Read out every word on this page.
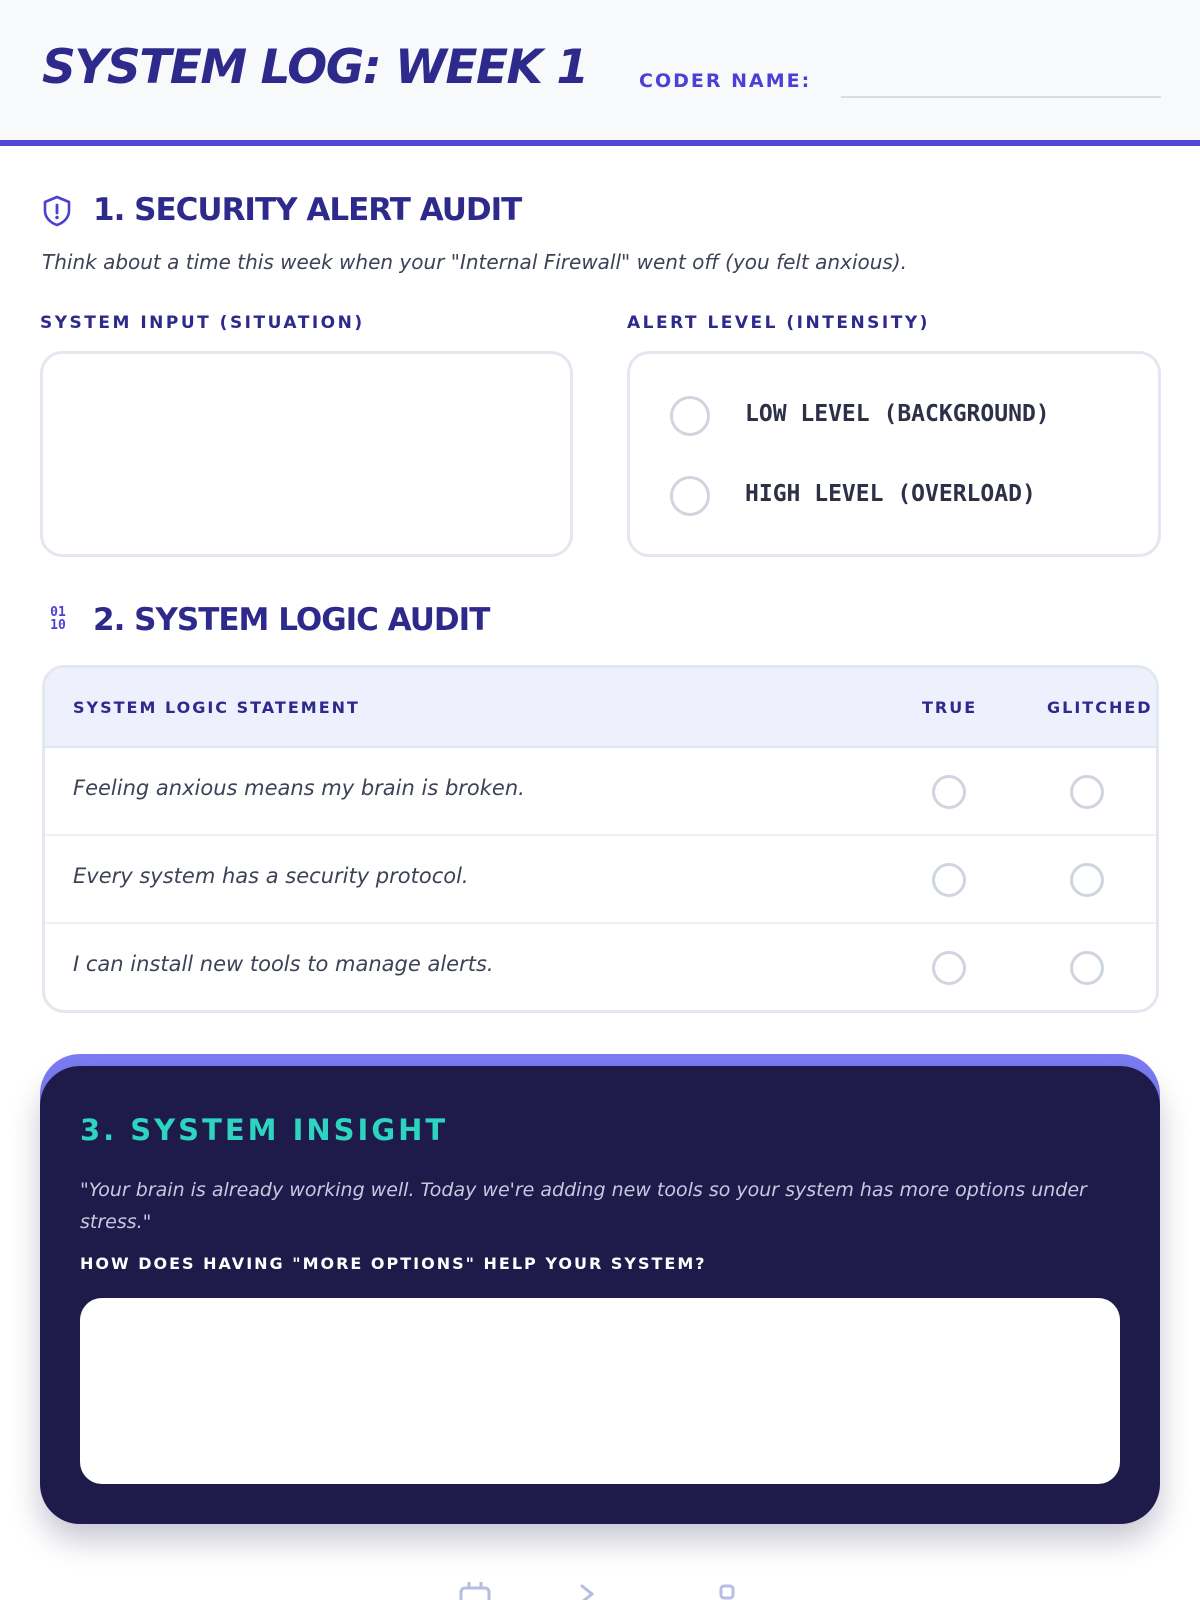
SYSTEM LOG: WEEK 1	CODER NAME:
1. SECURITY ALERT AUDIT
Think about a time this week when your "Internal Firewall" went off (you felt anxious).
SYSTEM INPUT (SITUATION)	ALERT LEVEL (INTENSITY)
LOW LEVEL (BACKGROUND)
HIGH LEVEL (OVERLOAD)
01
10 2. SYSTEM LOGIC AUDIT
SYSTEM LOGIC STATEMENT	TRUE	GLITCHED
Feeling anxious means my brain is broken.
Every system has a security protocol.
I can install new tools to manage alerts.
3. SYSTEM INSIGHT
"Your brain is already working well. Today we're adding new tools so your system has more options under stress."
HOW DOES HAVING "MORE OPTIONS" HELP YOUR SYSTEM?
